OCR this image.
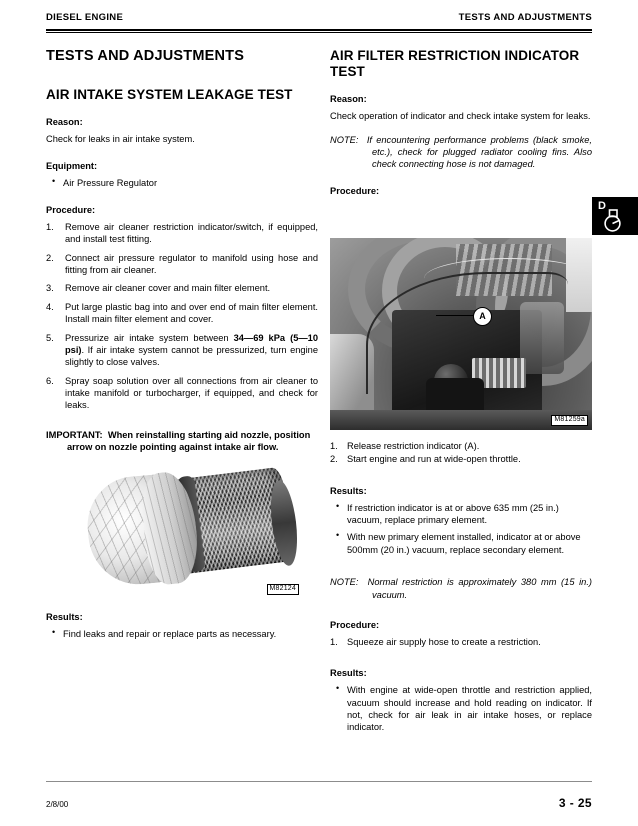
DIESEL ENGINE	TESTS AND ADJUSTMENTS
TESTS AND ADJUSTMENTS
AIR INTAKE SYSTEM LEAKAGE TEST
Reason:

Check for leaks in air intake system.

Equipment:
• Air Pressure Regulator
Procedure:
Remove air cleaner restriction indicator/switch, if equipped, and install test fitting.
Connect air pressure regulator to manifold using hose and fitting from air cleaner.
Remove air cleaner cover and main filter element.
Put large plastic bag into and over end of main filter element. Install main filter element and cover.
Pressurize air intake system between 34—69 kPa (5—10 psi). If air intake system cannot be pressurized, turn engine slightly to close valves.
Spray soap solution over all connections from air cleaner to intake manifold or turbocharger, if equipped, and check for leaks.

IMPORTANT: When reinstalling starting aid nozzle, position arrow on nozzle pointing against intake air flow.

M82124
Results:
• Find leaks and repair or replace parts as necessary.
AIR FILTER RESTRICTION INDICATOR TEST
Reason:

Check operation of indicator and check intake system for leaks.

NOTE: If encountering performance problems (black smoke, etc.), check for plugged radiator cooling fins. Also check connecting hose is not damaged.

Procedure:
A
M81259a
Release restriction indicator (A).
Start engine and run at wide-open throttle.
Results:
• If restriction indicator is at or above 635 mm (25 in.) vacuum, replace primary element.
• With new primary element installed, indicator at or above 500mm (20 in.) vacuum, replace secondary element.

NOTE: Normal restriction is approximately 380 mm (15 in.) vacuum.

Procedure:
Squeeze air supply hose to create a restriction.
Results:
• With engine at wide-open throttle and restriction applied, vacuum should increase and hold reading on indicator. If not, check for air leak in air intake hoses, or replace indicator.
D
2/8/00	3 - 25
